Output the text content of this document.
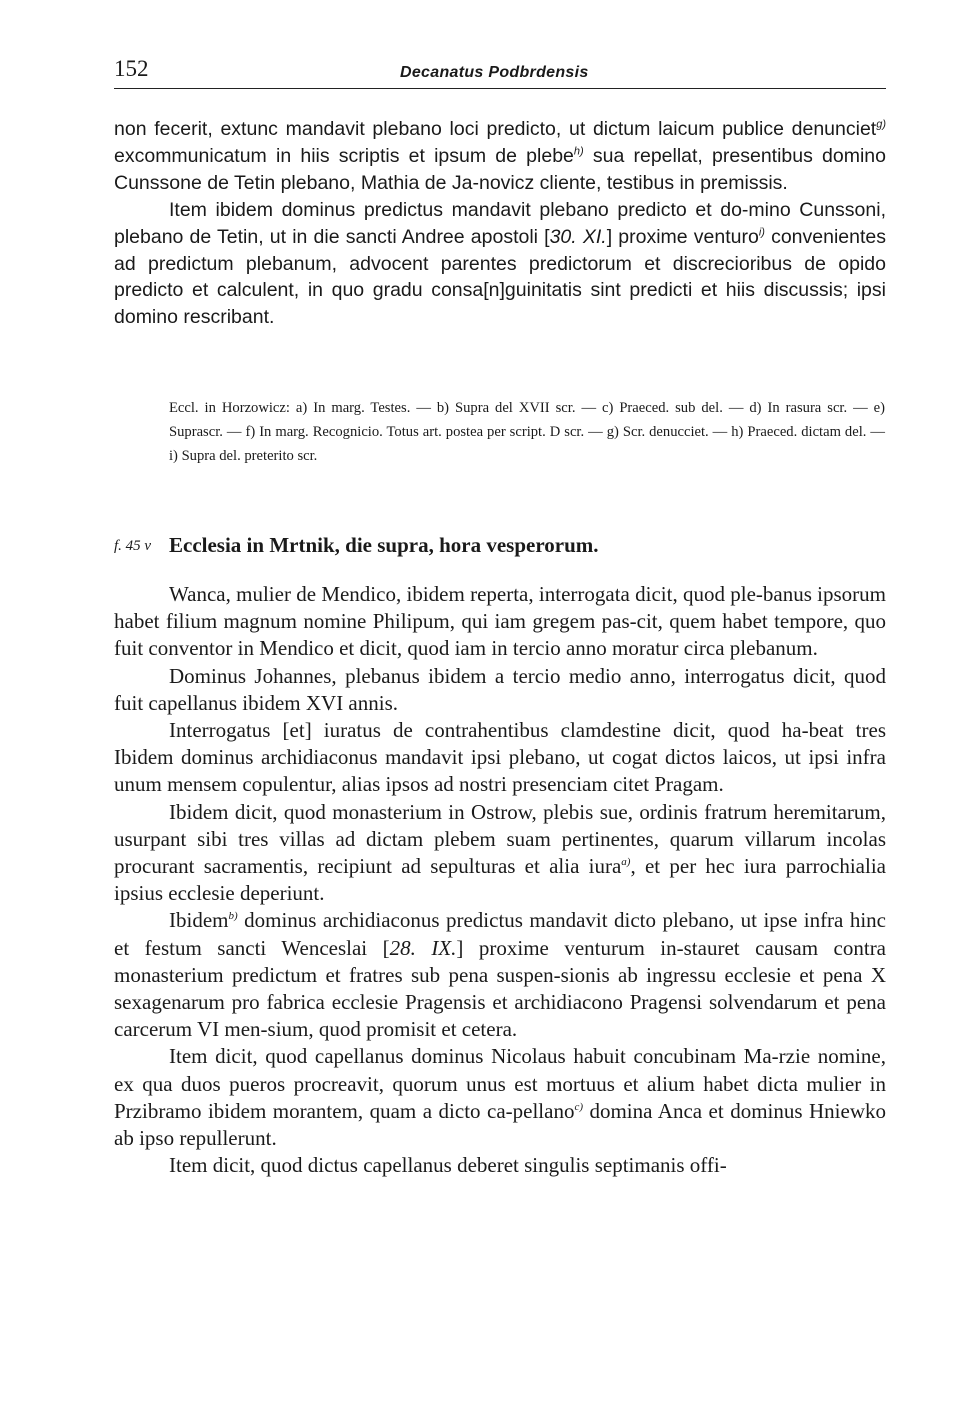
152	Decanatus Podbrdensis

non fecerit, extunc mandavit plebano loci predicto, ut dictum laicum publice denunciet$^{g)}$ excommunicatum in hiis scriptis et ipsum de plebe$^{h)}$ sua repellat, presentibus domino Cunssone de Tetin plebano, Mathia de Ja-novicz cliente, testibus in premissis.

Item ibidem dominus predictus mandavit plebano predicto et do-mino Cunssoni, plebano de Tetin, ut in die sancti Andree apostoli [30. XI.] proxime venturo$^{i)}$ convenientes ad predictum plebanum, advocent parentes predictorum et discrecioribus de opido predicto et calculent, in quo gradu consa[n]guinitatis sint predicti et hiis discussis; ipsi domino rescribant.

Eccl. in Horzowicz: a) In marg. Testes. — b) Supra del XVII scr. — c) Praeced. sub del. — d) In rasura scr. — e) Suprascr. — f) In marg. Recognicio. Totus art. postea per script. D scr. — g) Scr. denucciet. — h) Praeced. dictam del. — i) Supra del. preterito scr.

f. 45 v Ecclesia in Mrtnik, die supra, hora vesperorum.

Wanca, mulier de Mendico, ibidem reperta, interrogata dicit, quod ple-banus ipsorum habet filium magnum nomine Philipum, qui iam gregem pas-cit, quem habet tempore, quo fuit conventor in Mendico et dicit, quod iam in tercio anno moratur circa plebanum.

Dominus Johannes, plebanus ibidem a tercio medio anno, interrogatus dicit, quod fuit capellanus ibidem XVI annis.

Interrogatus [et] iuratus de contrahentibus clamdestine dicit, quod ha-beat tres Ibidem dominus archidiaconus mandavit ipsi plebano, ut cogat dictos laicos, ut ipsi infra unum mensem copulentur, alias ipsos ad nostri presenciam citet Pragam.

Ibidem dicit, quod monasterium in Ostrow, plebis sue, ordinis fratrum heremitarum, usurpant sibi tres villas ad dictam plebem suam pertinentes, quarum villarum incolas procurant sacramentis, recipiunt ad sepulturas et alia iura$^{a)}$, et per hec iura parrochialia ipsius ecclesie deperiunt.

Ibidem$^{b)}$ dominus archidiaconus predictus mandavit dicto plebano, ut ipse infra hinc et festum sancti Wenceslai [28. IX.] proxime venturum in-stauret causam contra monasterium predictum et fratres sub pena suspen-sionis ab ingressu ecclesie et pena X sexagenarum pro fabrica ecclesie Pragensis et archidiacono Pragensi solvendarum et pena carcerum VI men-sium, quod promisit et cetera.

Item dicit, quod capellanus dominus Nicolaus habuit concubinam Ma-rzie nomine, ex qua duos pueros procreavit, quorum unus est mortuus et alium habet dicta mulier in Przibramo ibidem morantem, quam a dicto ca-pellano$^{c)}$ domina Anca et dominus Hniewko ab ipso repullerunt.

Item dicit, quod dictus capellanus deberet singulis septimanis offi-
